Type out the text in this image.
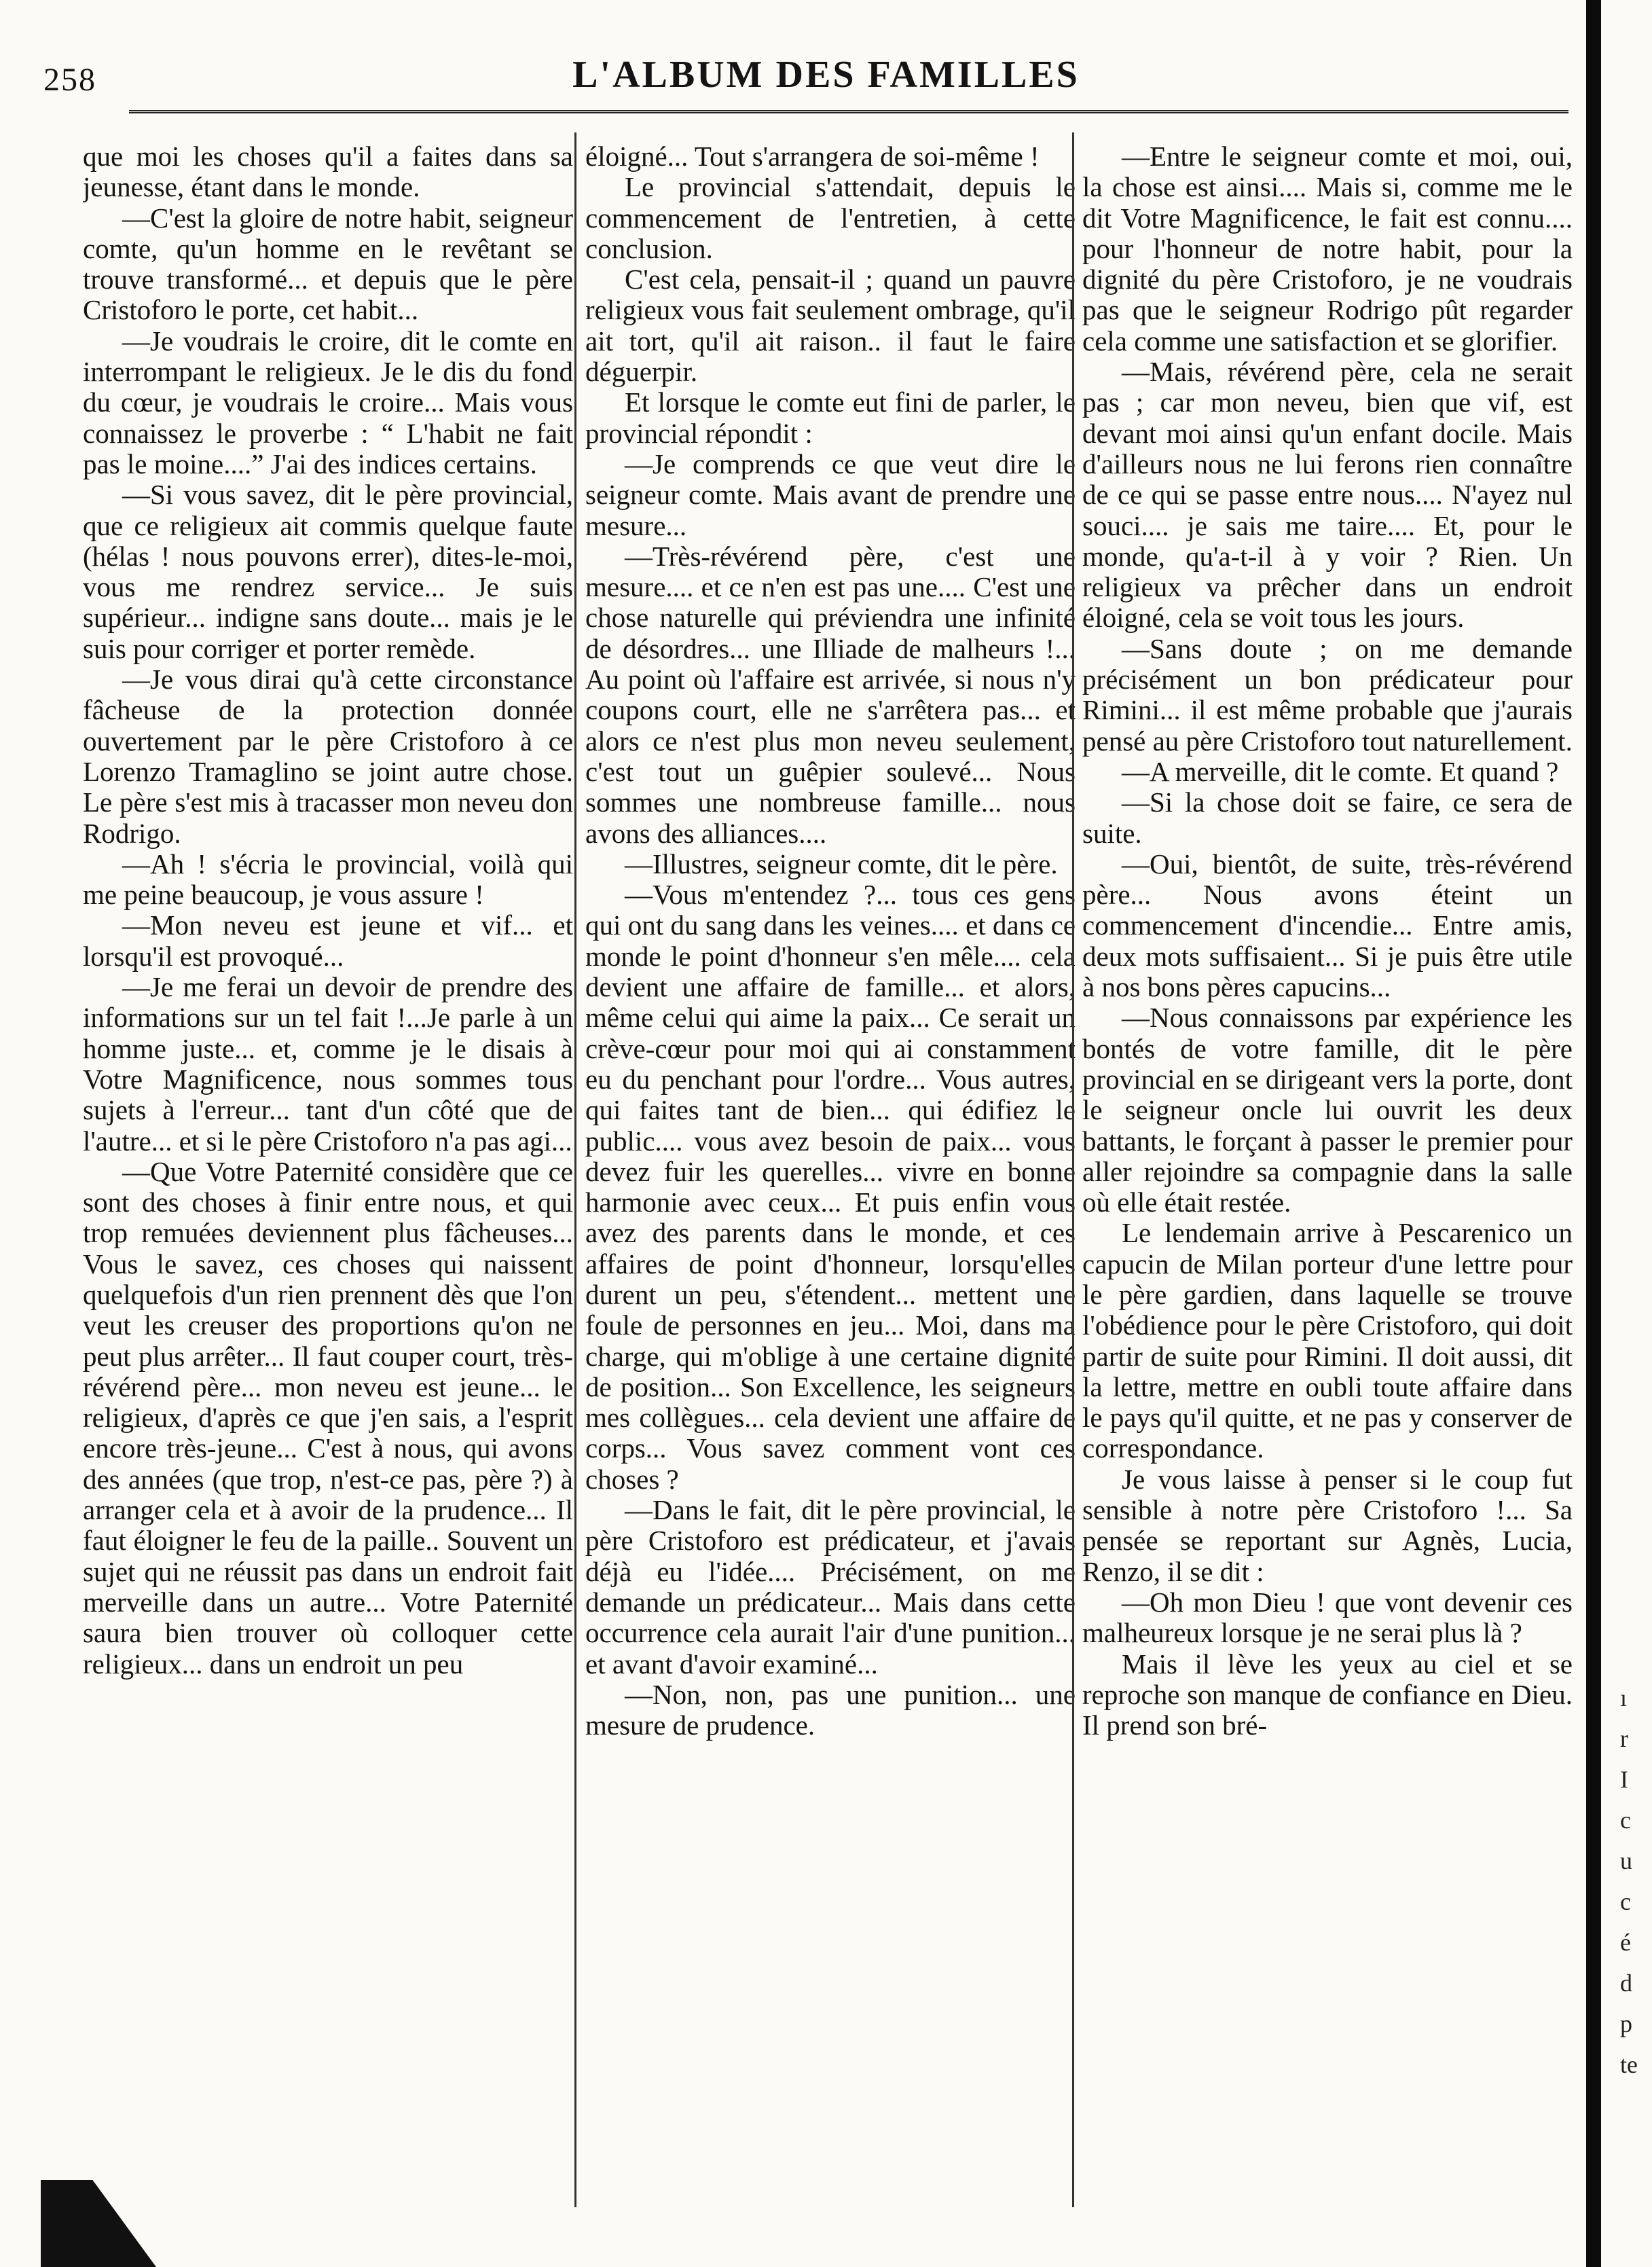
258	L'ALBUM DES FAMILLES

que moi les choses qu'il a faites dans sa jeunesse, étant dans le monde.

—C'est la gloire de notre habit, seigneur comte, qu'un homme en le revêtant se trouve transformé... et depuis que le père Cristoforo le porte, cet habit...

—Je voudrais le croire, dit le comte en interrompant le religieux. Je le dis du fond du cœur, je voudrais le croire... Mais vous connaissez le proverbe : “ L'habit ne fait pas le moine....” J'ai des indices certains.

—Si vous savez, dit le père provincial, que ce religieux ait commis quelque faute (hélas ! nous pouvons errer), dites-le-moi, vous me rendrez service... Je suis supérieur... indigne sans doute... mais je le suis pour corriger et porter remède.

—Je vous dirai qu'à cette circonstance fâcheuse de la protection donnée ouvertement par le père Cristoforo à ce Lorenzo Tramaglino se joint autre chose. Le père s'est mis à tracasser mon neveu don Rodrigo.

—Ah ! s'écria le provincial, voilà qui me peine beaucoup, je vous assure !

—Mon neveu est jeune et vif... et lorsqu'il est provoqué...

—Je me ferai un devoir de prendre des informations sur un tel fait !...Je parle à un homme juste... et, comme je le disais à Votre Magnificence, nous sommes tous sujets à l'erreur... tant d'un côté que de l'autre... et si le père Cristoforo n'a pas agi...

—Que Votre Paternité considère que ce sont des choses à finir entre nous, et qui trop remuées deviennent plus fâcheuses... Vous le savez, ces choses qui naissent quelquefois d'un rien prennent dès que l'on veut les creuser des proportions qu'on ne peut plus arrêter... Il faut couper court, très-révérend père... mon neveu est jeune... le religieux, d'après ce que j'en sais, a l'esprit encore très-jeune... C'est à nous, qui avons des années (que trop, n'est-ce pas, père ?) à arranger cela et à avoir de la prudence... Il faut éloigner le feu de la paille.. Souvent un sujet qui ne réussit pas dans un endroit fait merveille dans un autre... Votre Paternité saura bien trouver où colloquer cette religieux... dans un endroit un peu

éloigné... Tout s'arrangera de soi-même !

Le provincial s'attendait, depuis le commencement de l'entretien, à cette conclusion.

C'est cela, pensait-il ; quand un pauvre religieux vous fait seulement ombrage, qu'il ait tort, qu'il ait raison.. il faut le faire déguerpir.

Et lorsque le comte eut fini de parler, le provincial répondit :

—Je comprends ce que veut dire le seigneur comte. Mais avant de prendre une mesure...

—Très-révérend père, c'est une mesure.... et ce n'en est pas une.... C'est une chose naturelle qui préviendra une infinité de désordres... une Illiade de malheurs !... Au point où l'affaire est arrivée, si nous n'y coupons court, elle ne s'arrêtera pas... et alors ce n'est plus mon neveu seulement, c'est tout un guêpier soulevé... Nous sommes une nombreuse famille... nous avons des alliances....

—Illustres, seigneur comte, dit le père.

—Vous m'entendez ?... tous ces gens qui ont du sang dans les veines.... et dans ce monde le point d'honneur s'en mêle.... cela devient une affaire de famille... et alors, même celui qui aime la paix... Ce serait un crève-cœur pour moi qui ai constamment eu du penchant pour l'ordre... Vous autres, qui faites tant de bien... qui édifiez le public.... vous avez besoin de paix... vous devez fuir les querelles... vivre en bonne harmonie avec ceux... Et puis enfin vous avez des parents dans le monde, et ces affaires de point d'honneur, lorsqu'elles durent un peu, s'étendent... mettent une foule de personnes en jeu... Moi, dans ma charge, qui m'oblige à une certaine dignité de position... Son Excellence, les seigneurs mes collègues... cela devient une affaire de corps... Vous savez comment vont ces choses ?

—Dans le fait, dit le père provincial, le père Cristoforo est prédicateur, et j'avais déjà eu l'idée.... Précisément, on me demande un prédicateur... Mais dans cette occurrence cela aurait l'air d'une punition... et avant d'avoir examiné...

—Non, non, pas une punition... une mesure de prudence.

—Entre le seigneur comte et moi, oui, la chose est ainsi.... Mais si, comme me le dit Votre Magnificence, le fait est connu.... pour l'honneur de notre habit, pour la dignité du père Cristoforo, je ne voudrais pas que le seigneur Rodrigo pût regarder cela comme une satisfaction et se glorifier.

—Mais, révérend père, cela ne serait pas ; car mon neveu, bien que vif, est devant moi ainsi qu'un enfant docile. Mais d'ailleurs nous ne lui ferons rien connaître de ce qui se passe entre nous.... N'ayez nul souci.... je sais me taire.... Et, pour le monde, qu'a-t-il à y voir ? Rien. Un religieux va prêcher dans un endroit éloigné, cela se voit tous les jours.

—Sans doute ; on me demande précisément un bon prédicateur pour Rimini... il est même probable que j'aurais pensé au père Cristoforo tout naturellement.

—A merveille, dit le comte. Et quand ?

—Si la chose doit se faire, ce sera de suite.

—Oui, bientôt, de suite, très-révérend père... Nous avons éteint un commencement d'incendie... Entre amis, deux mots suffisaient... Si je puis être utile à nos bons pères capucins...

—Nous connaissons par expérience les bontés de votre famille, dit le père provincial en se dirigeant vers la porte, dont le seigneur oncle lui ouvrit les deux battants, le forçant à passer le premier pour aller rejoindre sa compagnie dans la salle où elle était restée.

Le lendemain arrive à Pescarenico un capucin de Milan porteur d'une lettre pour le père gardien, dans laquelle se trouve l'obédience pour le père Cristoforo, qui doit partir de suite pour Rimini. Il doit aussi, dit la lettre, mettre en oubli toute affaire dans le pays qu'il quitte, et ne pas y conserver de correspondance.

Je vous laisse à penser si le coup fut sensible à notre père Cristoforo !... Sa pensée se reportant sur Agnès, Lucia, Renzo, il se dit :

—Oh mon Dieu ! que vont devenir ces malheureux lorsque je ne serai plus là ?

Mais il lève les yeux au ciel et se reproche son manque de confiance en Dieu. Il prend son bré-

ı
r
I
c
u
c
é
d
p
te
